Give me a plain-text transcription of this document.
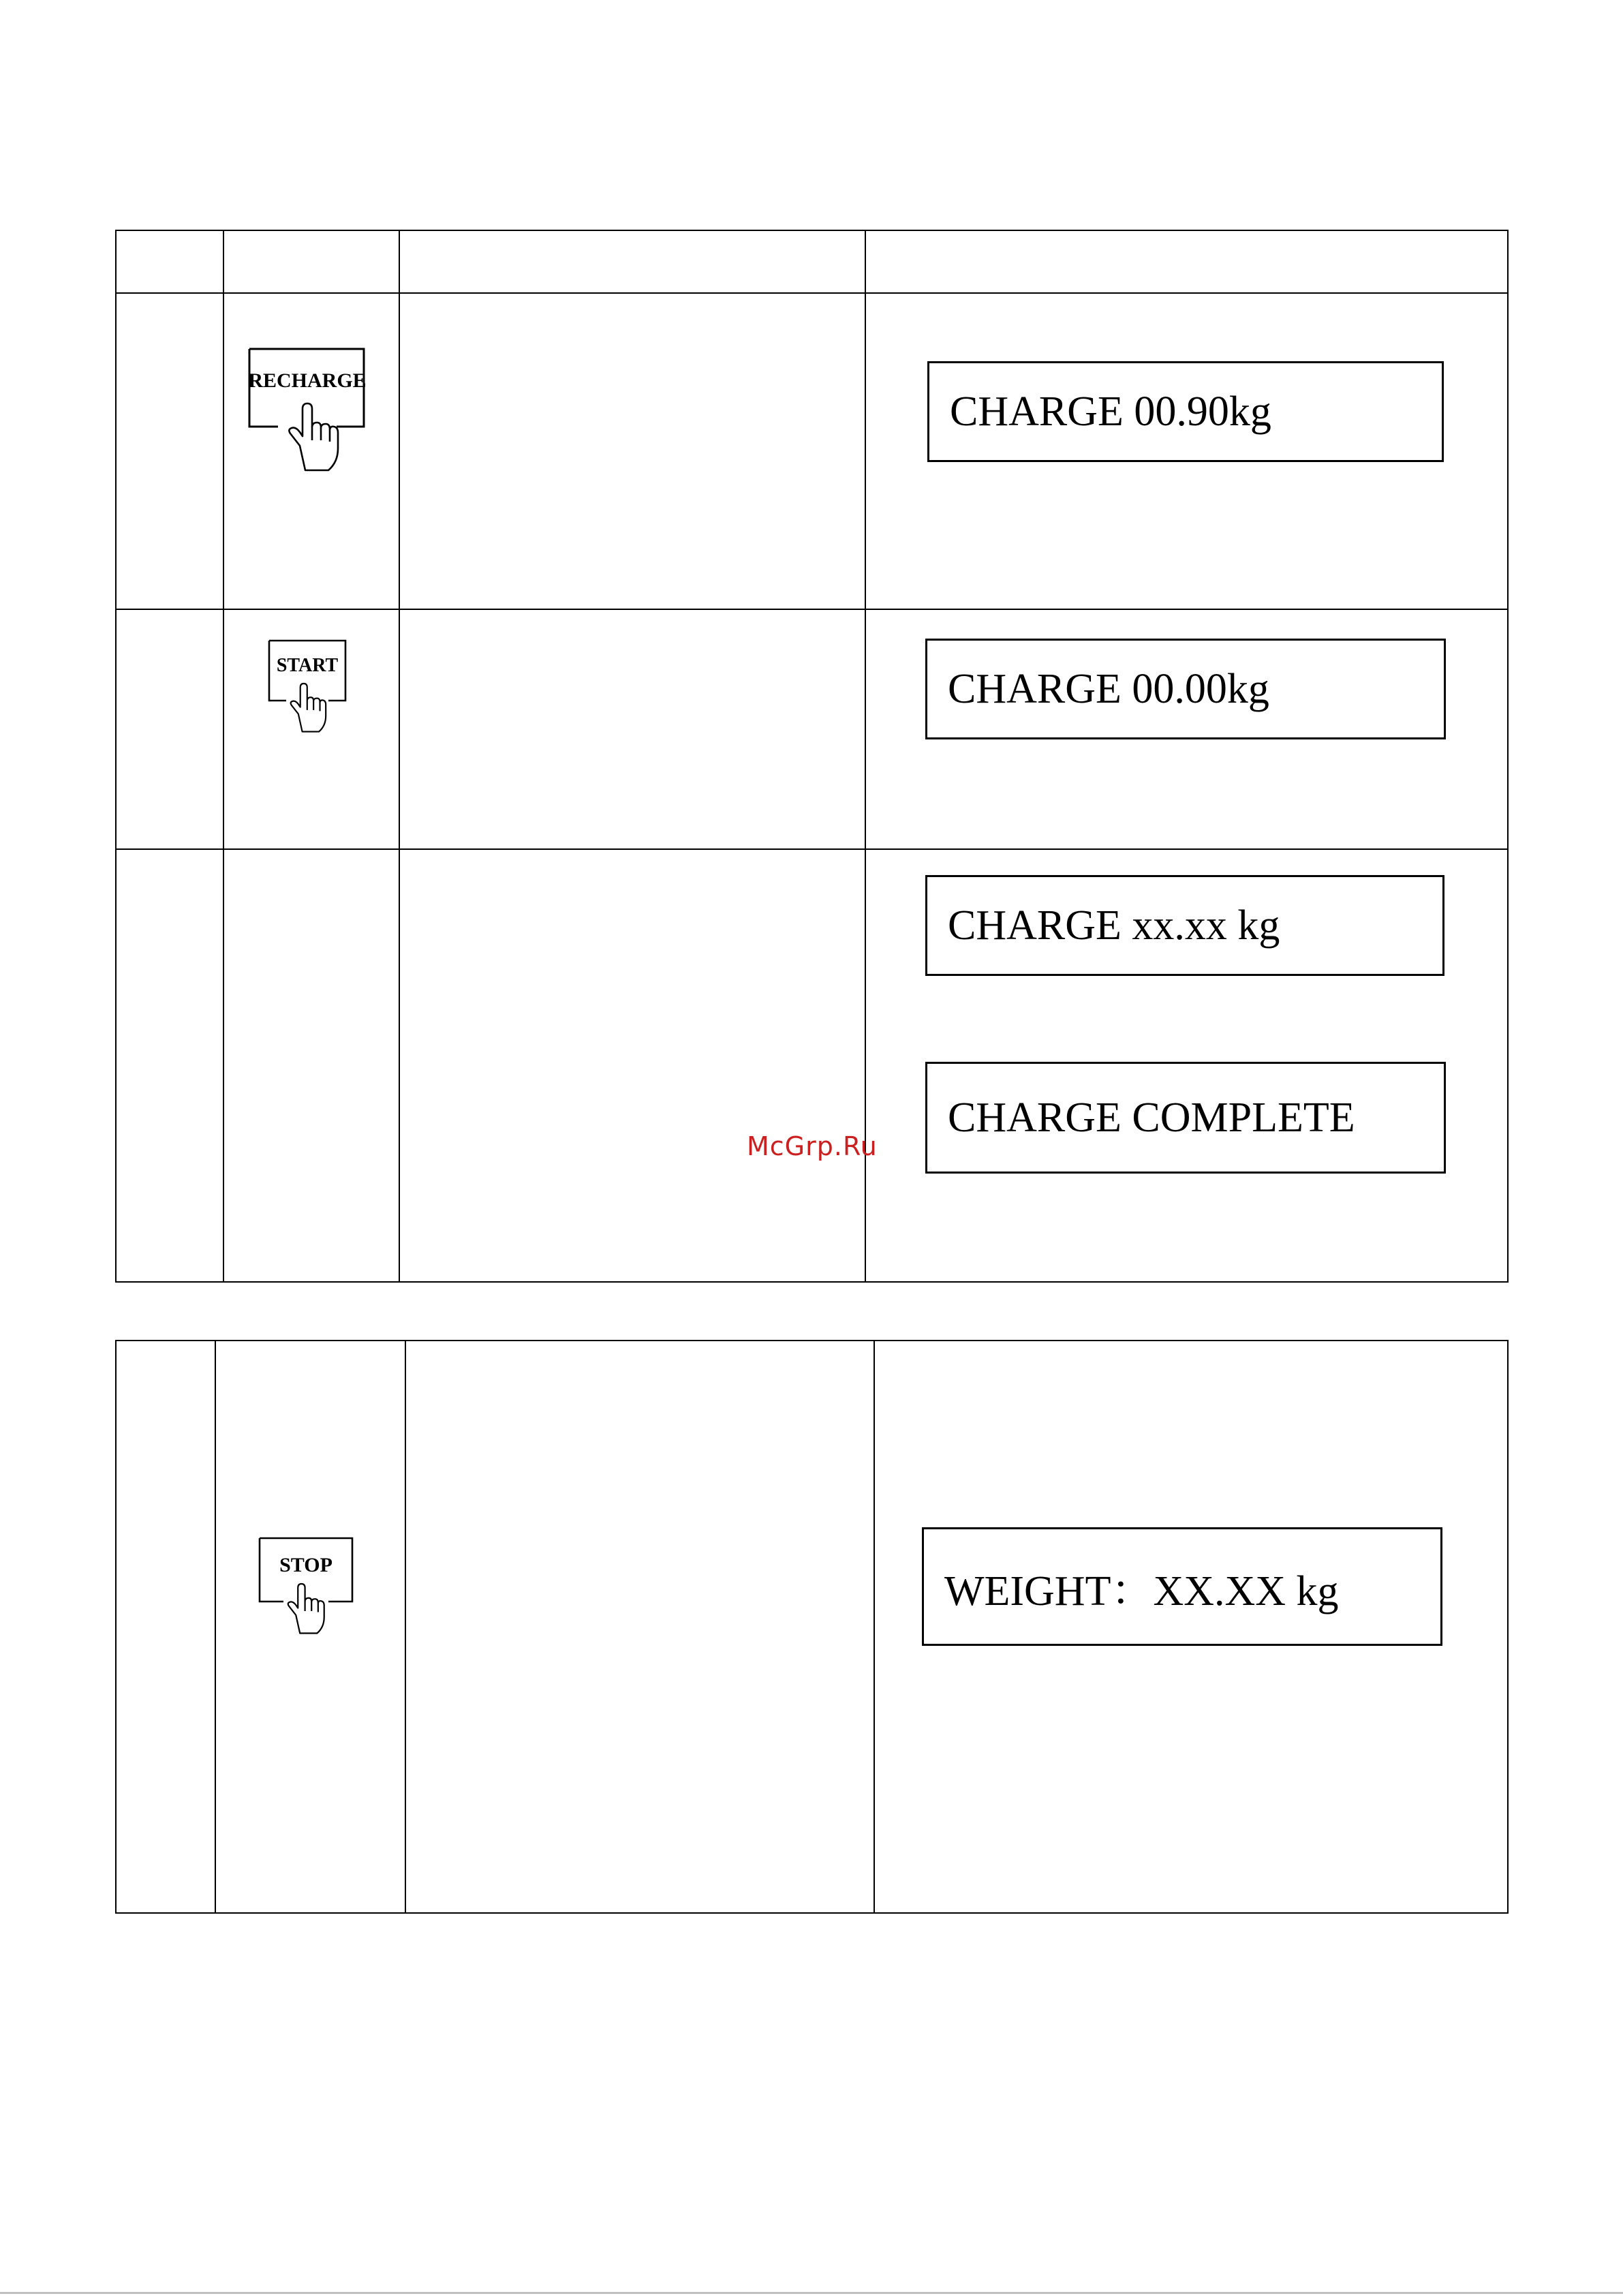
RECHARGE
CHARGE 00.90kg
START	CHARGE 00.00kg
CHARGE xx.xx kg
CHARGE COMPLETE
McGrp.Ru
STOP
WEIGHT：XX.XX kg
